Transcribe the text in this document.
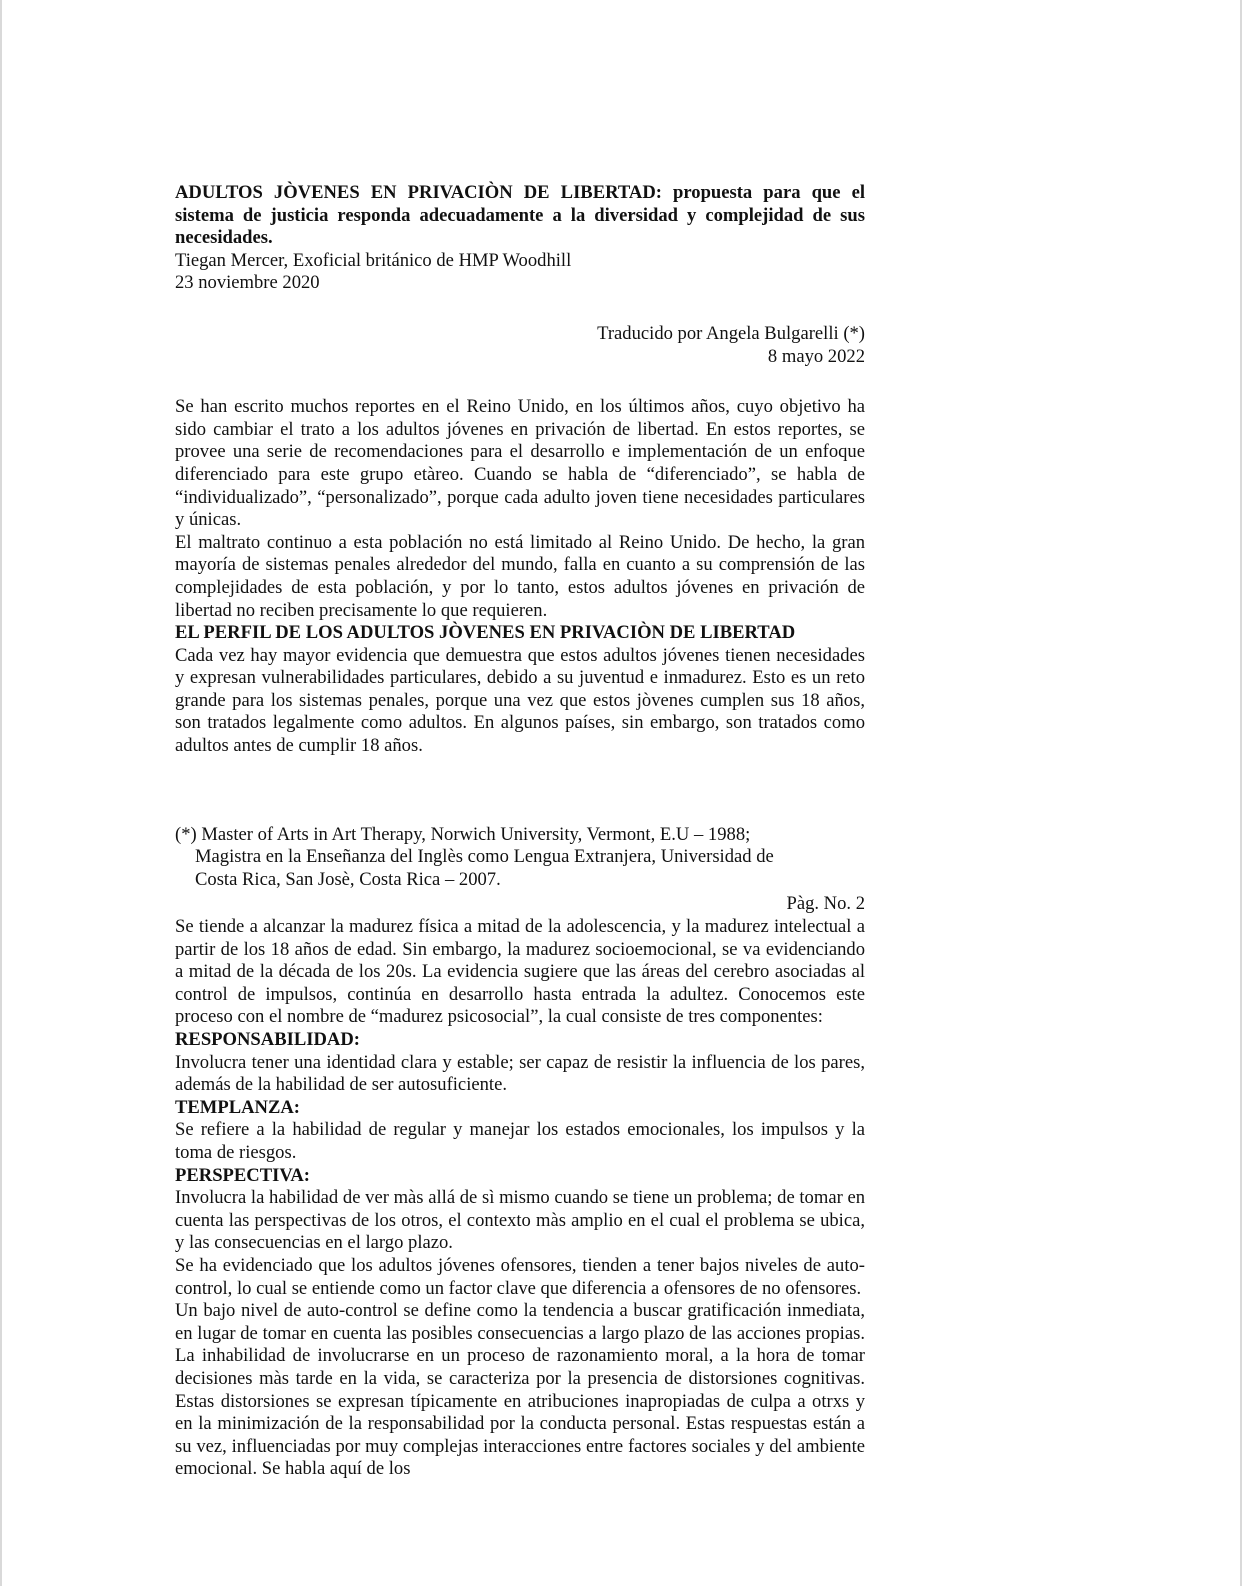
ADULTOS JÒVENES EN PRIVACIÒN DE LIBERTAD: propuesta para que el sistema de justicia responda adecuadamente a la diversidad y complejidad de sus necesidades.

Tiegan Mercer, Exoficial británico de HMP Woodhill

23 noviembre 2020

Traducido por Angela Bulgarelli (*)

8 mayo 2022

Se han escrito muchos reportes en el Reino Unido, en los últimos años, cuyo objetivo ha sido cambiar el trato a los adultos jóvenes en privación de libertad. En estos reportes, se provee una serie de recomendaciones para el desarrollo e implementación de un enfoque diferenciado para este grupo etàreo. Cuando se habla de “diferenciado”, se habla de “individualizado”, “personalizado”, porque cada adulto joven tiene necesidades particulares y únicas.

El maltrato continuo a esta población no está limitado al Reino Unido. De hecho, la gran mayoría de sistemas penales alrededor del mundo, falla en cuanto a su comprensión de las complejidades de esta población, y por lo tanto, estos adultos jóvenes en privación de libertad no reciben precisamente lo que requieren.

EL PERFIL DE LOS ADULTOS JÒVENES EN PRIVACIÒN DE LIBERTAD

Cada vez hay mayor evidencia que demuestra que estos adultos jóvenes tienen necesidades y expresan vulnerabilidades particulares, debido a su juventud e inmadurez. Esto es un reto grande para los sistemas penales, porque una vez que estos jòvenes cumplen sus 18 años, son tratados legalmente como adultos. En algunos países, sin embargo, son tratados como adultos antes de cumplir 18 años.

(*) Master of Arts in Art Therapy, Norwich University, Vermont, E.U – 1988;

Magistra en la Enseñanza del Inglès como Lengua Extranjera, Universidad de

Costa Rica, San Josè, Costa Rica – 2007.

Pàg. No. 2

Se tiende a alcanzar la madurez física a mitad de la adolescencia, y la madurez intelectual a partir de los 18 años de edad. Sin embargo, la madurez socioemocional, se va evidenciando a mitad de la década de los 20s. La evidencia sugiere que las áreas del cerebro asociadas al control de impulsos, continúa en desarrollo hasta entrada la adultez. Conocemos este proceso con el nombre de “madurez psicosocial”, la cual consiste de tres componentes:

RESPONSABILIDAD:

Involucra tener una identidad clara y estable; ser capaz de resistir la influencia de los pares, además de la habilidad de ser autosuficiente.

TEMPLANZA:

Se refiere a la habilidad de regular y manejar los estados emocionales, los impulsos y la toma de riesgos.

PERSPECTIVA:

Involucra la habilidad de ver màs allá de sì mismo cuando se tiene un problema; de tomar en cuenta las perspectivas de los otros, el contexto màs amplio en el cual el problema se ubica, y las consecuencias en el largo plazo.

Se ha evidenciado que los adultos jóvenes ofensores, tienden a tener bajos niveles de auto-control, lo cual se entiende como un factor clave que diferencia a ofensores de no ofensores.

Un bajo nivel de auto-control se define como la tendencia a buscar gratificación inmediata, en lugar de tomar en cuenta las posibles consecuencias a largo plazo de las acciones propias. La inhabilidad de involucrarse en un proceso de razonamiento moral, a la hora de tomar decisiones màs tarde en la vida, se caracteriza por la presencia de distorsiones cognitivas. Estas distorsiones se expresan típicamente en atribuciones inapropiadas de culpa a otrxs y en la minimización de la responsabilidad por la conducta personal. Estas respuestas están a su vez, influenciadas por muy complejas interacciones entre factores sociales y del ambiente emocional. Se habla aquí de los
